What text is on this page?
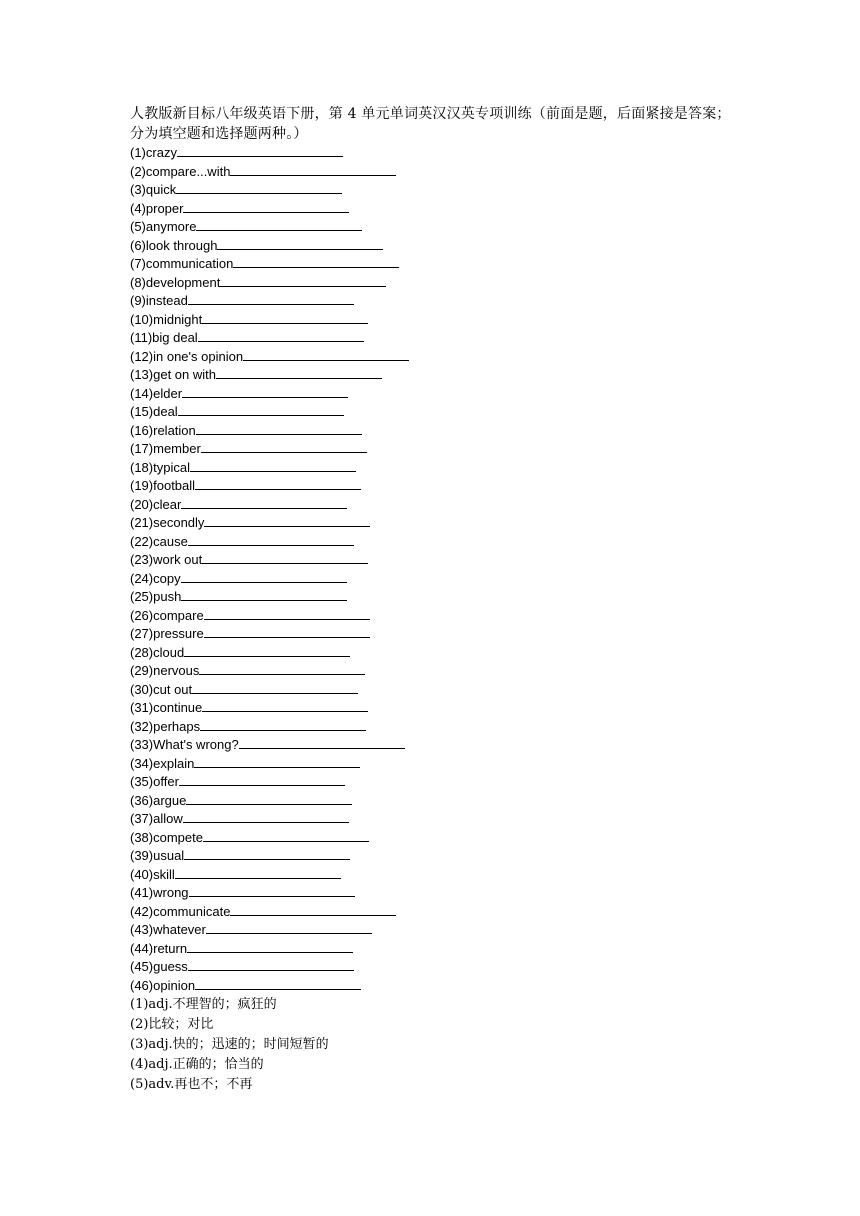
人教版新目标八年级英语下册，第 4 单元单词英汉汉英专项训练（前面是题，后面紧接是答案；分为填空题和选择题两种。）

(1)crazy
(2)compare...with
(3)quick
(4)proper
(5)anymore
(6)look through
(7)communication
(8)development
(9)instead
(10)midnight
(11)big deal
(12)in one's opinion
(13)get on with
(14)elder
(15)deal
(16)relation
(17)member
(18)typical
(19)football
(20)clear
(21)secondly
(22)cause
(23)work out
(24)copy
(25)push
(26)compare
(27)pressure
(28)cloud
(29)nervous
(30)cut out
(31)continue
(32)perhaps
(33)What's wrong?
(34)explain
(35)offer
(36)argue
(37)allow
(38)compete
(39)usual
(40)skill
(41)wrong
(42)communicate
(43)whatever
(44)return
(45)guess
(46)opinion
(1)adj.不理智的；疯狂的
(2)比较；对比
(3)adj.快的；迅速的；时间短暂的
(4)adj.正确的；恰当的
(5)adv.再也不；不再
